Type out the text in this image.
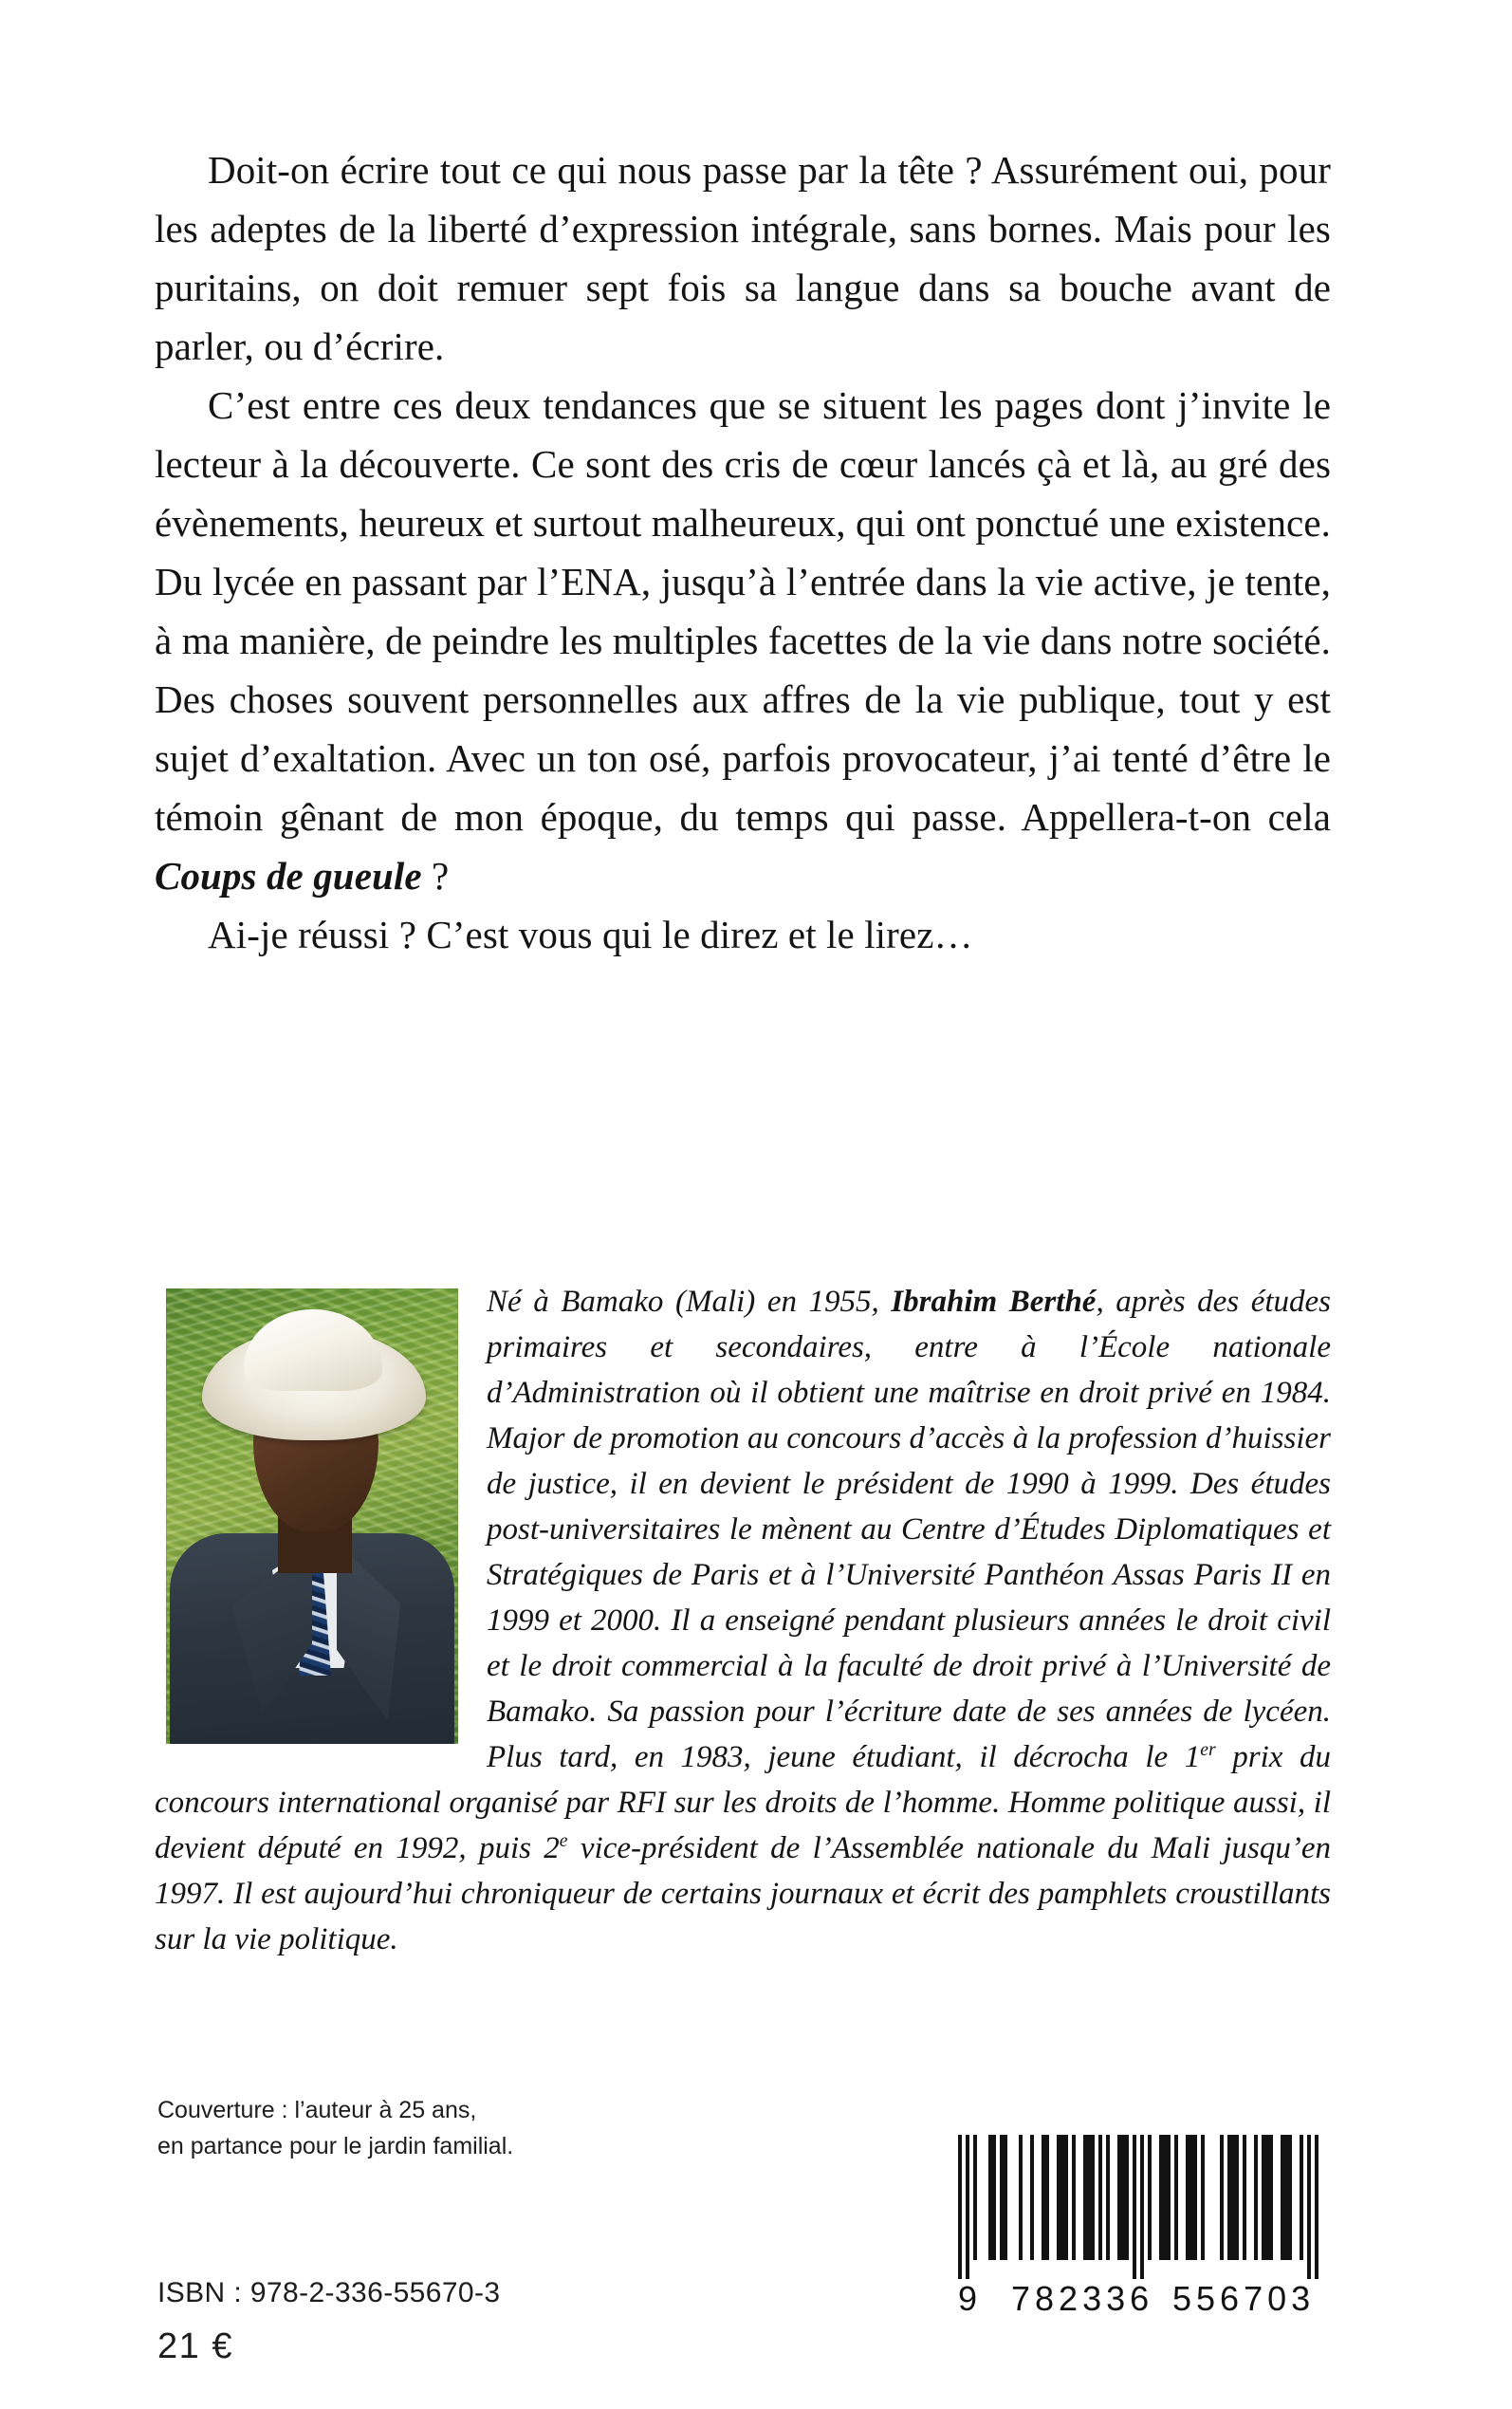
Doit-on écrire tout ce qui nous passe par la tête ? Assurément oui, pour les adeptes de la liberté d’expression intégrale, sans bornes. Mais pour les puritains, on doit remuer sept fois sa langue dans sa bouche avant de parler, ou d’écrire.

C’est entre ces deux tendances que se situent les pages dont j’invite le lecteur à la découverte. Ce sont des cris de cœur lancés çà et là, au gré des évènements, heureux et surtout malheureux, qui ont ponctué une existence. Du lycée en passant par l’ENA, jusqu’à l’entrée dans la vie active, je tente, à ma manière, de peindre les multiples facettes de la vie dans notre société. Des choses souvent personnelles aux affres de la vie publique, tout y est sujet d’exaltation. Avec un ton osé, parfois provocateur, j’ai tenté d’être le témoin gênant de mon époque, du temps qui passe. Appellera-t-on cela Coups de gueule ?

Ai-je réussi ? C’est vous qui le direz et le lirez…

Né à Bamako (Mali) en 1955, Ibrahim Berthé, après des études primaires et secondaires, entre à l’École nationale d’Administration où il obtient une maîtrise en droit privé en 1984. Major de promotion au concours d’accès à la profession d’huissier de justice, il en devient le président de 1990 à 1999. Des études post-universitaires le mènent au Centre d’Études Diplomatiques et Stratégiques de Paris et à l’Université Panthéon Assas Paris II en 1999 et 2000. Il a enseigné pendant plusieurs années le droit civil et le droit commercial à la faculté de droit privé à l’Université de Bamako. Sa passion pour l’écriture date de ses années de lycéen. Plus tard, en 1983, jeune étudiant, il décrocha le 1er prix du concours international organisé par RFI sur les droits de l’homme. Homme politique aussi, il devient député en 1992, puis 2e vice-président de l’Assemblée nationale du Mali jusqu’en 1997. Il est aujourd’hui chroniqueur de certains journaux et écrit des pamphlets croustillants sur la vie politique.
Couverture : l’auteur à 25 ans,
en partance pour le jardin familial.
ISBN : 978-2-336-55670-3
21 €
9 782336 556703
